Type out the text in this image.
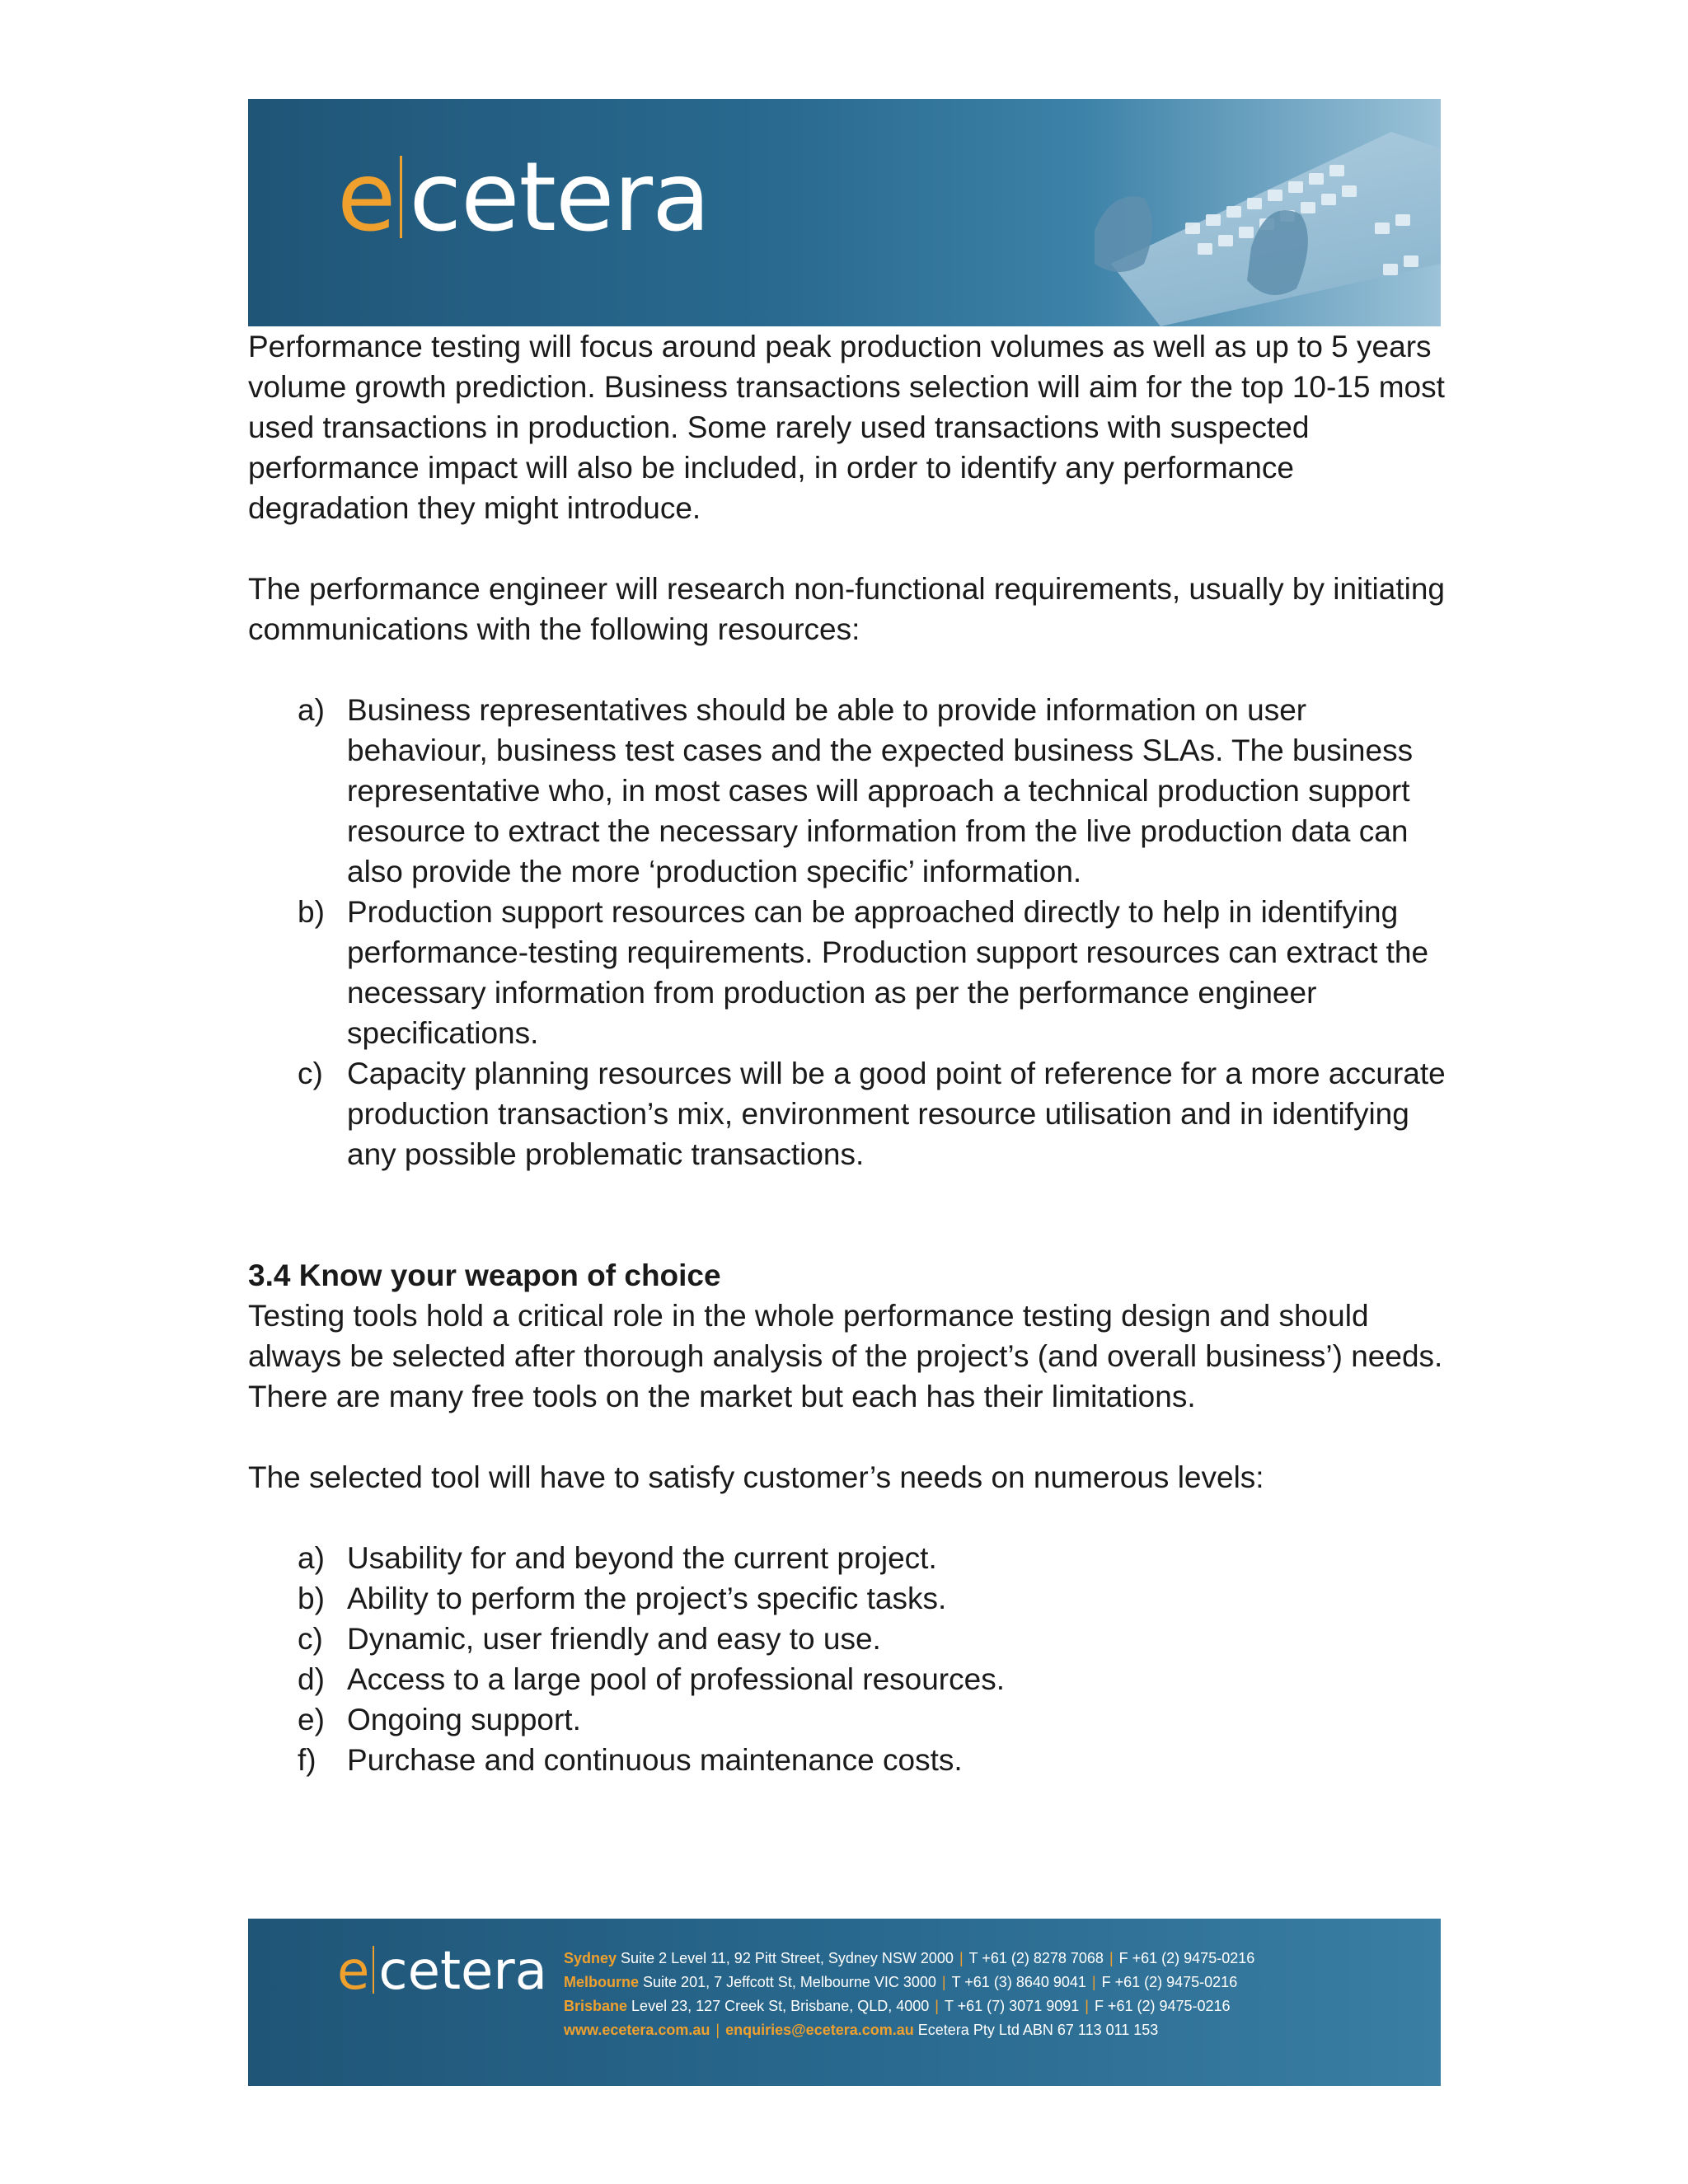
e cetera

Performance testing will focus around peak production volumes as well as up to 5 years volume growth prediction. Business transactions selection will aim for the top 10-15 most used transactions in production. Some rarely used transactions with suspected performance impact will also be included, in order to identify any performance degradation they might introduce.

The performance engineer will research non-functional requirements, usually by initiating communications with the following resources:

a) Business representatives should be able to provide information on user behaviour, business test cases and the expected business SLAs. The business representative who, in most cases will approach a technical production support resource to extract the necessary information from the live production data can also provide the more ‘production specific’ information.
b) Production support resources can be approached directly to help in identifying performance-testing requirements. Production support resources can extract the necessary information from production as per the performance engineer specifications.
c) Capacity planning resources will be a good point of reference for a more accurate production transaction’s mix, environment resource utilisation and in identifying any possible problematic transactions.

3.4 Know your weapon of choice

Testing tools hold a critical role in the whole performance testing design and should always be selected after thorough analysis of the project’s (and overall business’) needs. There are many free tools on the market but each has their limitations.

The selected tool will have to satisfy customer’s needs on numerous levels:

a) Usability for and beyond the current project.
b) Ability to perform the project’s specific tasks.
c) Dynamic, user friendly and easy to use.
d) Access to a large pool of professional resources.
e) Ongoing support.
f) Purchase and continuous maintenance costs.
e cetera Sydney Suite 2 Level 11, 92 Pitt Street, Sydney NSW 2000 | T +61 (2) 8278 7068 | F +61 (2) 9475-0216
Melbourne Suite 201, 7 Jeffcott St, Melbourne VIC 3000 | T +61 (3) 8640 9041 | F +61 (2) 9475-0216
Brisbane Level 23, 127 Creek St, Brisbane, QLD, 4000 | T +61 (7) 3071 9091 | F +61 (2) 9475-0216
www.ecetera.com.au | enquiries@ecetera.com.au Ecetera Pty Ltd ABN 67 113 011 153
